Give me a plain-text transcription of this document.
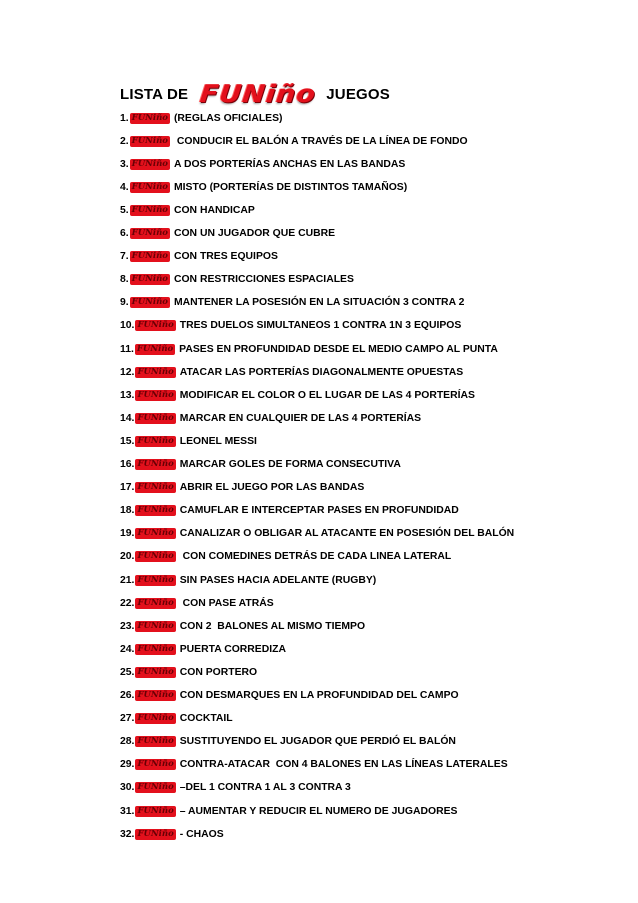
LISTA DE FUNiño JUEGOS
1. FUNiño (REGLAS OFICIALES)
2. FUNiño CONDUCIR EL BALÓN A TRAVÉS DE LA LÍNEA DE FONDO
3. FUNiño A DOS PORTERÍAS ANCHAS EN LAS BANDAS
4. FUNiño MISTO (PORTERÍAS DE DISTINTOS TAMAÑOS)
5. FUNiño CON HANDICAP
6. FUNiño CON UN JUGADOR QUE CUBRE
7. FUNiño CON TRES EQUIPOS
8. FUNiño CON RESTRICCIONES ESPACIALES
9. FUNiño MANTENER LA POSESIÓN EN LA SITUACIÓN 3 CONTRA 2
10. FUNiño TRES DUELOS SIMULTANEOS 1 CONTRA 1N 3 EQUIPOS
11. FUNiño PASES EN PROFUNDIDAD DESDE EL MEDIO CAMPO AL PUNTA
12. FUNiño ATACAR LAS PORTERÍAS DIAGONALMENTE OPUESTAS
13. FUNiño MODIFICAR EL COLOR O EL LUGAR DE LAS 4 PORTERÍAS
14. FUNiño MARCAR EN CUALQUIER DE LAS 4 PORTERÍAS
15. FUNiño LEONEL MESSI
16. FUNiño MARCAR GOLES DE FORMA CONSECUTIVA
17. FUNiño ABRIR EL JUEGO POR LAS BANDAS
18. FUNiño CAMUFLAR E INTERCEPTAR PASES EN PROFUNDIDAD
19. FUNiño CANALIZAR O OBLIGAR AL ATACANTE EN POSESIÓN DEL BALÓN
20. FUNiño CON COMEDINES DETRÁS DE CADA LINEA LATERAL
21. FUNiño SIN PASES HACIA ADELANTE (RUGBY)
22. FUNiño CON PASE ATRÁS
23. FUNiño CON 2  BALONES AL MISMO TIEMPO
24. FUNiño PUERTA CORREDIZA
25. FUNiño CON PORTERO
26. FUNiño CON DESMARQUES EN LA PROFUNDIDAD DEL CAMPO
27. FUNiño COCKTAIL
28. FUNiño SUSTITUYENDO EL JUGADOR QUE PERDIÓ EL BALÓN
29. FUNiño CONTRA-ATACAR  CON 4 BALONES EN LAS LÍNEAS LATERALES
30. FUNiño –DEL 1 CONTRA 1 AL 3 CONTRA 3
31. FUNiño – AUMENTAR Y REDUCIR EL NUMERO DE JUGADORES
32. FUNiño - CHAOS
